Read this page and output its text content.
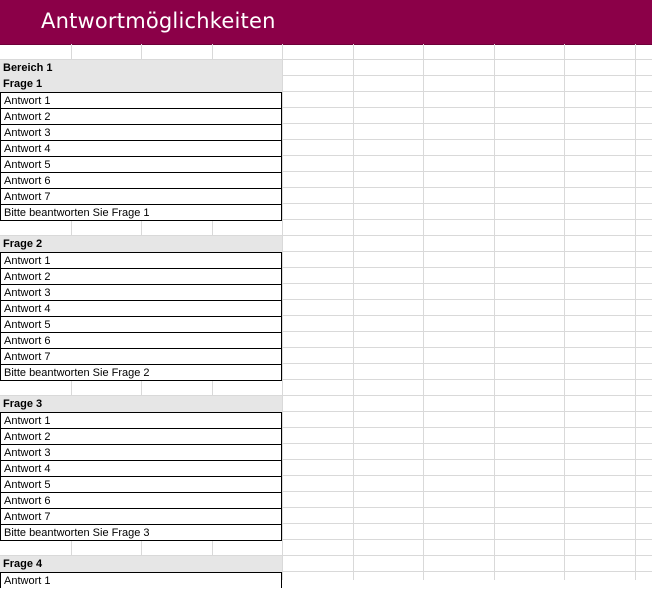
Antwortmöglichkeiten
Bereich 1
Frage 1
Antwort 1
Antwort 2
Antwort 3
Antwort 4
Antwort 5
Antwort 6
Antwort 7
Bitte beantworten Sie Frage 1
Frage 2
Antwort 1
Antwort 2
Antwort 3
Antwort 4
Antwort 5
Antwort 6
Antwort 7
Bitte beantworten Sie Frage 2
Frage 3
Antwort 1
Antwort 2
Antwort 3
Antwort 4
Antwort 5
Antwort 6
Antwort 7
Bitte beantworten Sie Frage 3
Frage 4
Antwort 1
